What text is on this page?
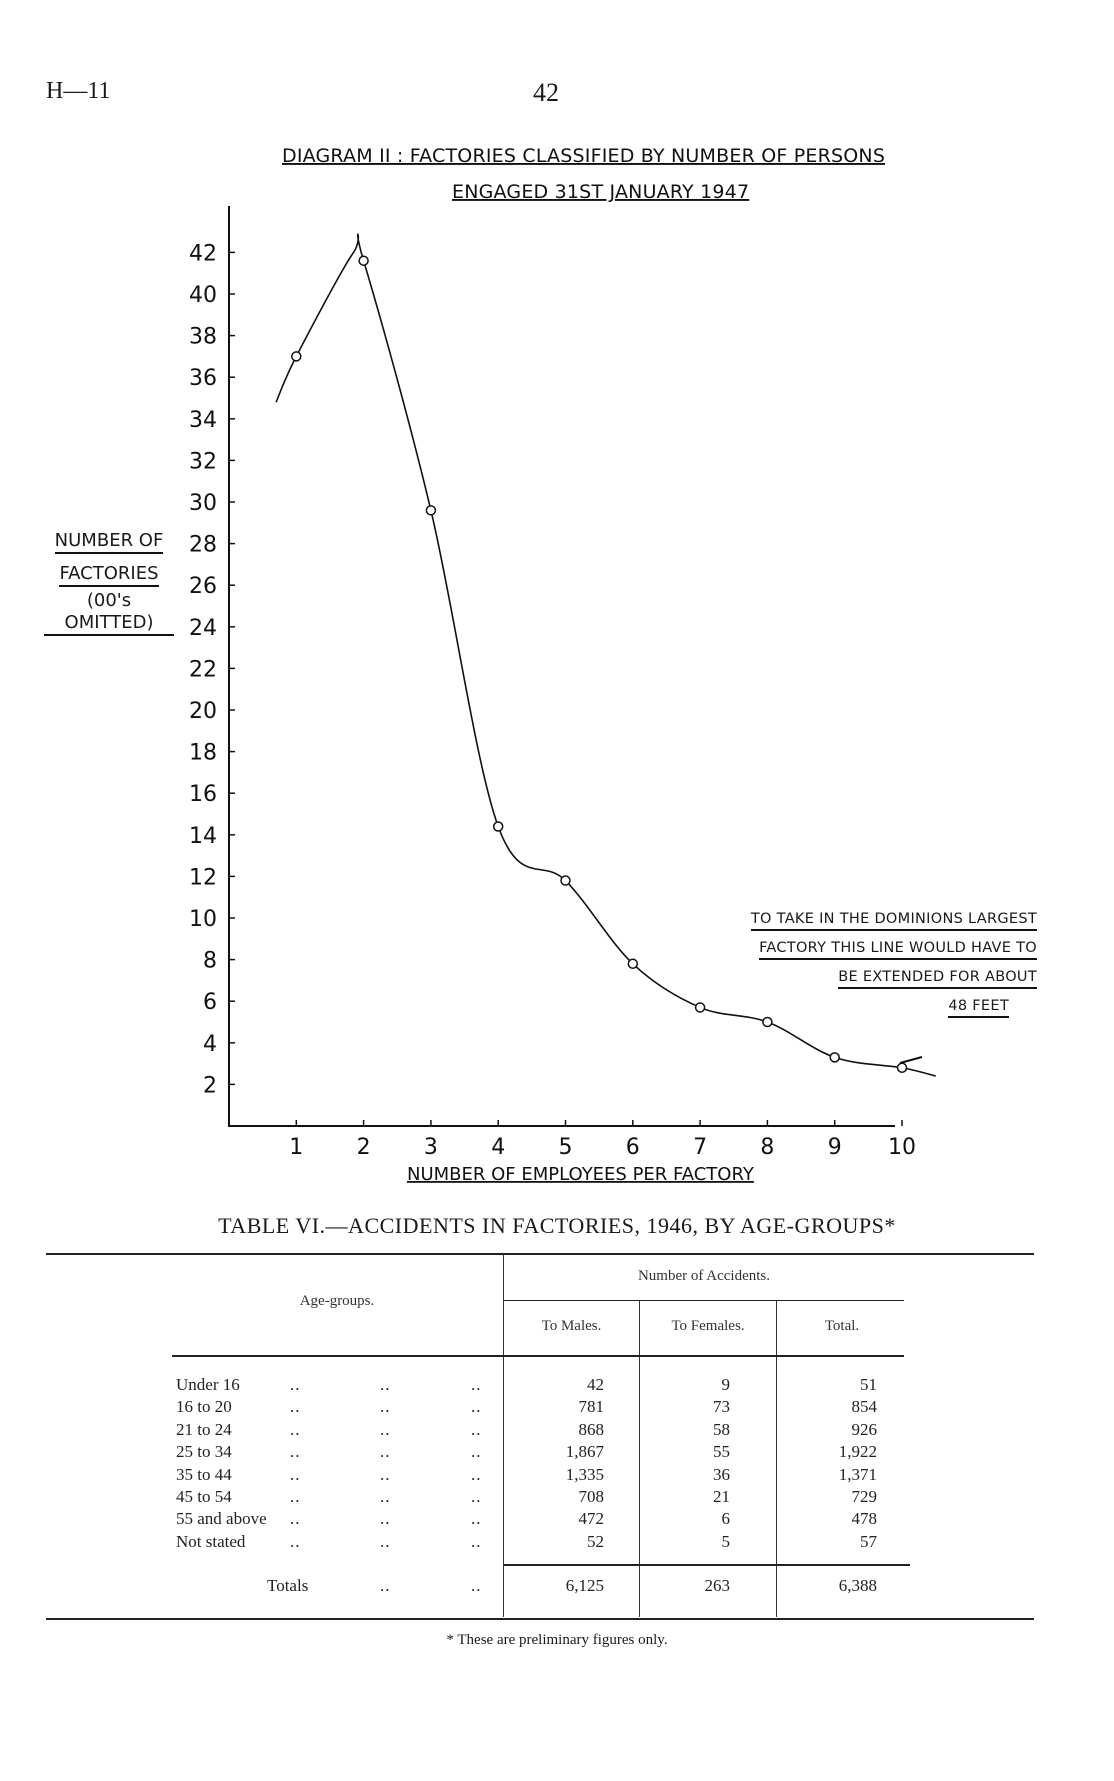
H—11	42
DIAGRAM II : FACTORIES CLASSIFIED BY NUMBER OF PERSONS
ENGAGED 31ST JANUARY 1947
2
4
6
8
10
12
14
16
18
20
22
24
26
28
30
32
34
36
38
40
42
1 2 3 4 5 6 7 8 9 10
NUMBER OF EMPLOYEES PER FACTORY
NUMBER OF
FACTORIES
(00's OMITTED)
TO TAKE IN THE DOMINIONS LARGEST
FACTORY THIS LINE WOULD HAVE TO
BE EXTENDED FOR ABOUT
48 FEET
TABLE VI.—ACCIDENTS IN FACTORIES, 1946, BY AGE-GROUPS*
Number of Accidents.
Age-groups.
To Males.	To Females.	Total.
Under 16	..	..	..	42	9	51
16 to 20	..	..	..	781	73	854
21 to 24	..	..	..	868	58	926
25 to 34	..	..	..	1,867	55	1,922
35 to 44	..	..	..	1,335	36	1,371
45 to 54	..	..	..	708	21	729
55 and above ..	..	..	472	6	478
Not stated	..	..	..	52	5	57
Totals	..	..	6,125	263	6,388
* These are preliminary figures only.
